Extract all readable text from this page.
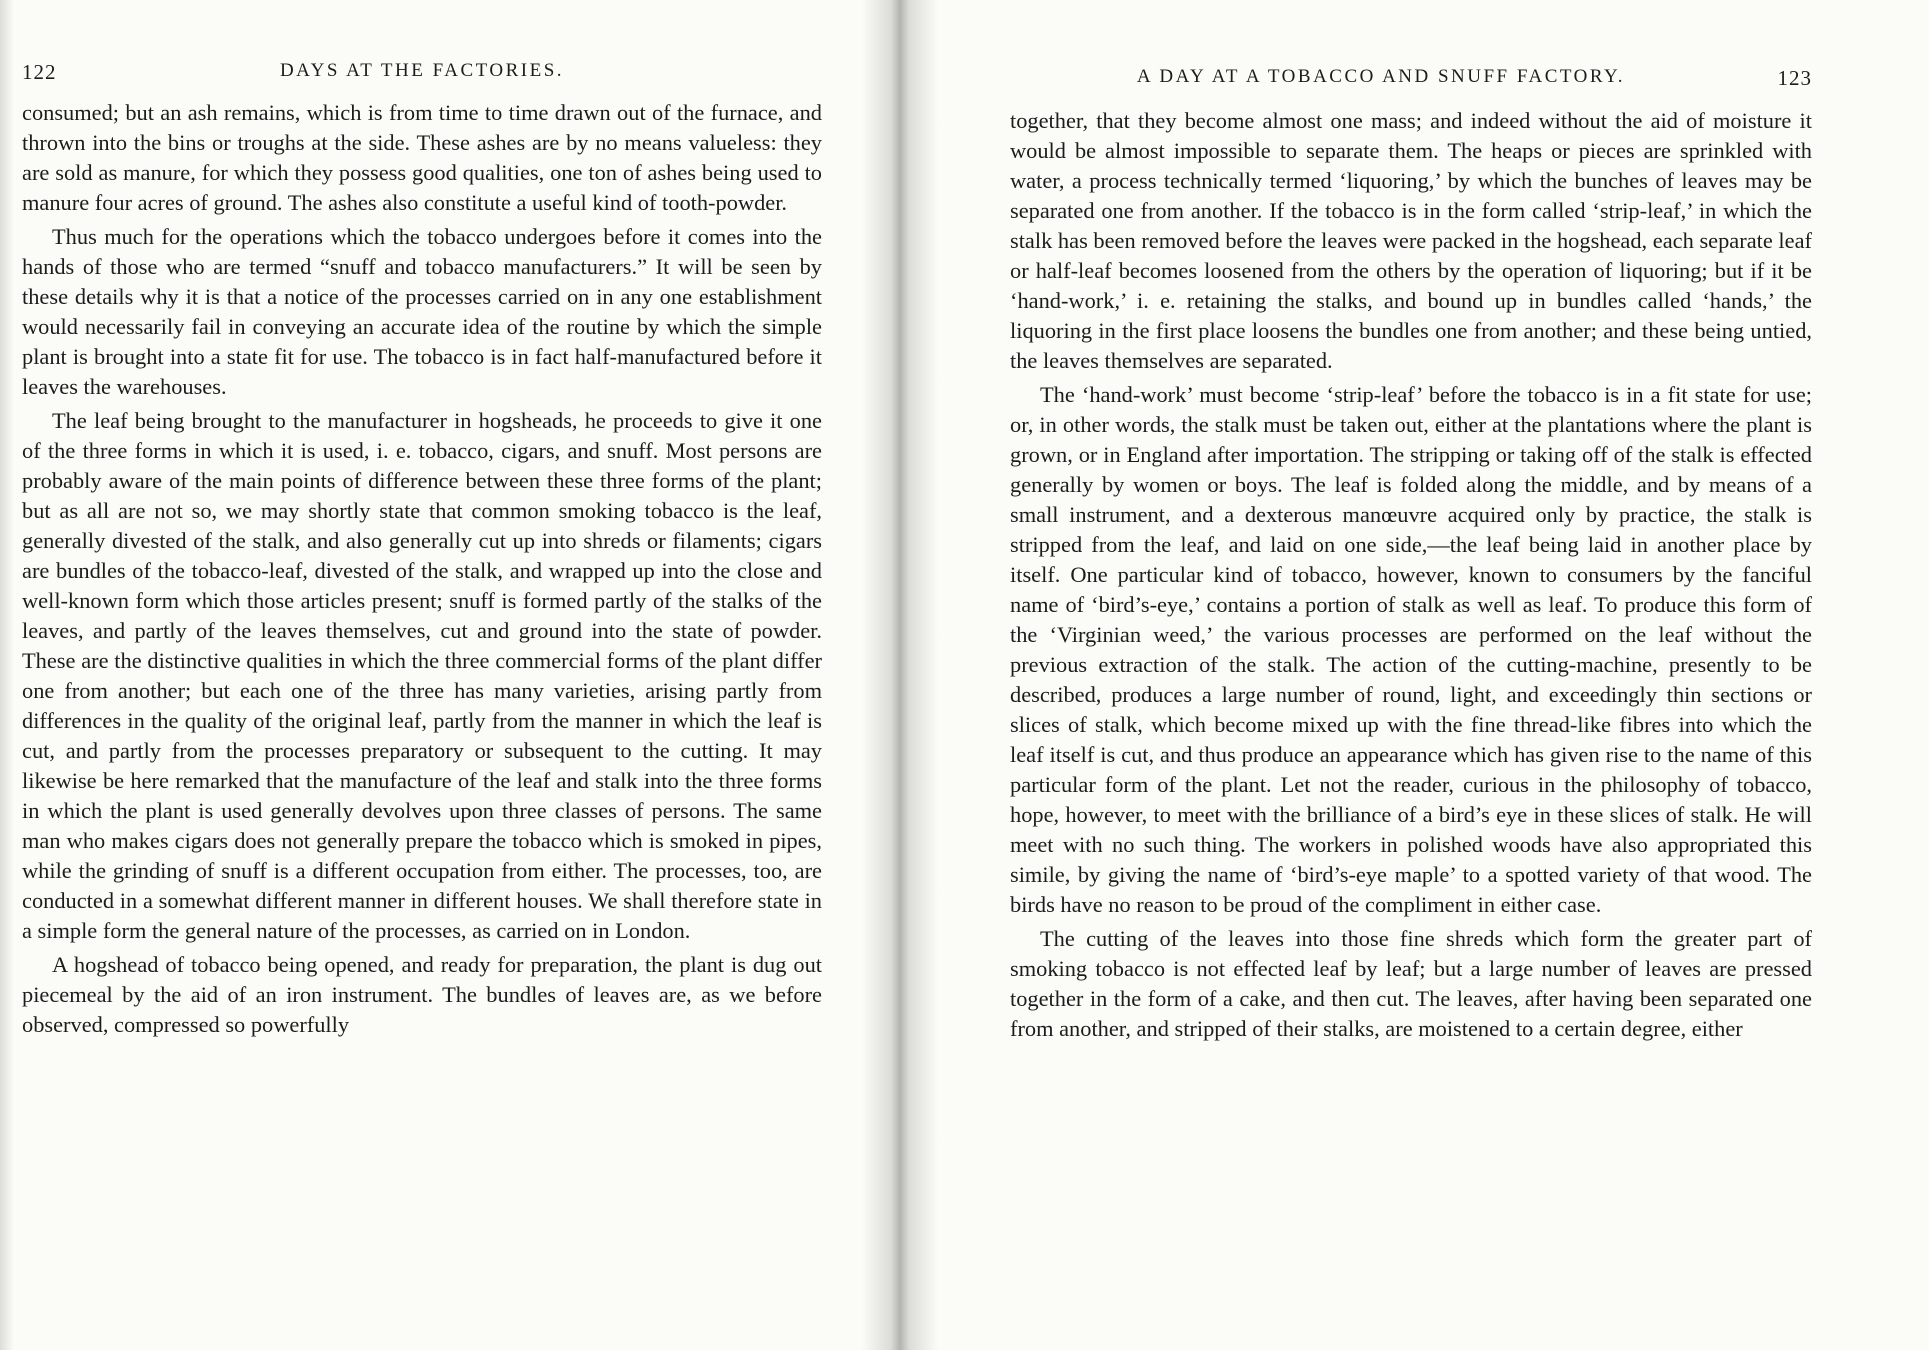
122	DAYS AT THE FACTORIES.

consumed; but an ash remains, which is from time to time drawn out of the furnace, and thrown into the bins or troughs at the side. These ashes are by no means valueless: they are sold as manure, for which they possess good qualities, one ton of ashes being used to manure four acres of ground. The ashes also constitute a useful kind of tooth-powder.

Thus much for the operations which the tobacco undergoes before it comes into the hands of those who are termed “snuff and tobacco manufacturers.” It will be seen by these details why it is that a notice of the processes carried on in any one establishment would necessarily fail in conveying an accurate idea of the routine by which the simple plant is brought into a state fit for use. The tobacco is in fact half-manufactured before it leaves the warehouses.

The leaf being brought to the manufacturer in hogsheads, he proceeds to give it one of the three forms in which it is used, i. e. tobacco, cigars, and snuff. Most persons are probably aware of the main points of difference between these three forms of the plant; but as all are not so, we may shortly state that common smoking tobacco is the leaf, generally divested of the stalk, and also generally cut up into shreds or filaments; cigars are bundles of the tobacco-leaf, divested of the stalk, and wrapped up into the close and well-known form which those articles present; snuff is formed partly of the stalks of the leaves, and partly of the leaves themselves, cut and ground into the state of powder. These are the distinctive qualities in which the three commercial forms of the plant differ one from another; but each one of the three has many varieties, arising partly from differences in the quality of the original leaf, partly from the manner in which the leaf is cut, and partly from the processes preparatory or subsequent to the cutting. It may likewise be here remarked that the manufacture of the leaf and stalk into the three forms in which the plant is used generally devolves upon three classes of persons. The same man who makes cigars does not generally prepare the tobacco which is smoked in pipes, while the grinding of snuff is a different occupation from either. The processes, too, are conducted in a somewhat different manner in different houses. We shall therefore state in a simple form the general nature of the processes, as carried on in London.

A hogshead of tobacco being opened, and ready for preparation, the plant is dug out piecemeal by the aid of an iron instrument. The bundles of leaves are, as we before observed, compressed so powerfully

A DAY AT A TOBACCO AND SNUFF FACTORY.	123

together, that they become almost one mass; and indeed without the aid of moisture it would be almost impossible to separate them. The heaps or pieces are sprinkled with water, a process technically termed ‘liquoring,’ by which the bunches of leaves may be separated one from another. If the tobacco is in the form called ‘strip-leaf,’ in which the stalk has been removed before the leaves were packed in the hogshead, each separate leaf or half-leaf becomes loosened from the others by the operation of liquoring; but if it be ‘hand-work,’ i. e. retaining the stalks, and bound up in bundles called ‘hands,’ the liquoring in the first place loosens the bundles one from another; and these being untied, the leaves themselves are separated.

The ‘hand-work’ must become ‘strip-leaf’ before the tobacco is in a fit state for use; or, in other words, the stalk must be taken out, either at the plantations where the plant is grown, or in England after importation. The stripping or taking off of the stalk is effected generally by women or boys. The leaf is folded along the middle, and by means of a small instrument, and a dexterous manœuvre acquired only by practice, the stalk is stripped from the leaf, and laid on one side,—the leaf being laid in another place by itself. One particular kind of tobacco, however, known to consumers by the fanciful name of ‘bird’s-eye,’ contains a portion of stalk as well as leaf. To produce this form of the ‘Virginian weed,’ the various processes are performed on the leaf without the previous extraction of the stalk. The action of the cutting-machine, presently to be described, produces a large number of round, light, and exceedingly thin sections or slices of stalk, which become mixed up with the fine thread-like fibres into which the leaf itself is cut, and thus produce an appearance which has given rise to the name of this particular form of the plant. Let not the reader, curious in the philosophy of tobacco, hope, however, to meet with the brilliance of a bird’s eye in these slices of stalk. He will meet with no such thing. The workers in polished woods have also appropriated this simile, by giving the name of ‘bird’s-eye maple’ to a spotted variety of that wood. The birds have no reason to be proud of the compliment in either case.

The cutting of the leaves into those fine shreds which form the greater part of smoking tobacco is not effected leaf by leaf; but a large number of leaves are pressed together in the form of a cake, and then cut. The leaves, after having been separated one from another, and stripped of their stalks, are moistened to a certain degree, either
